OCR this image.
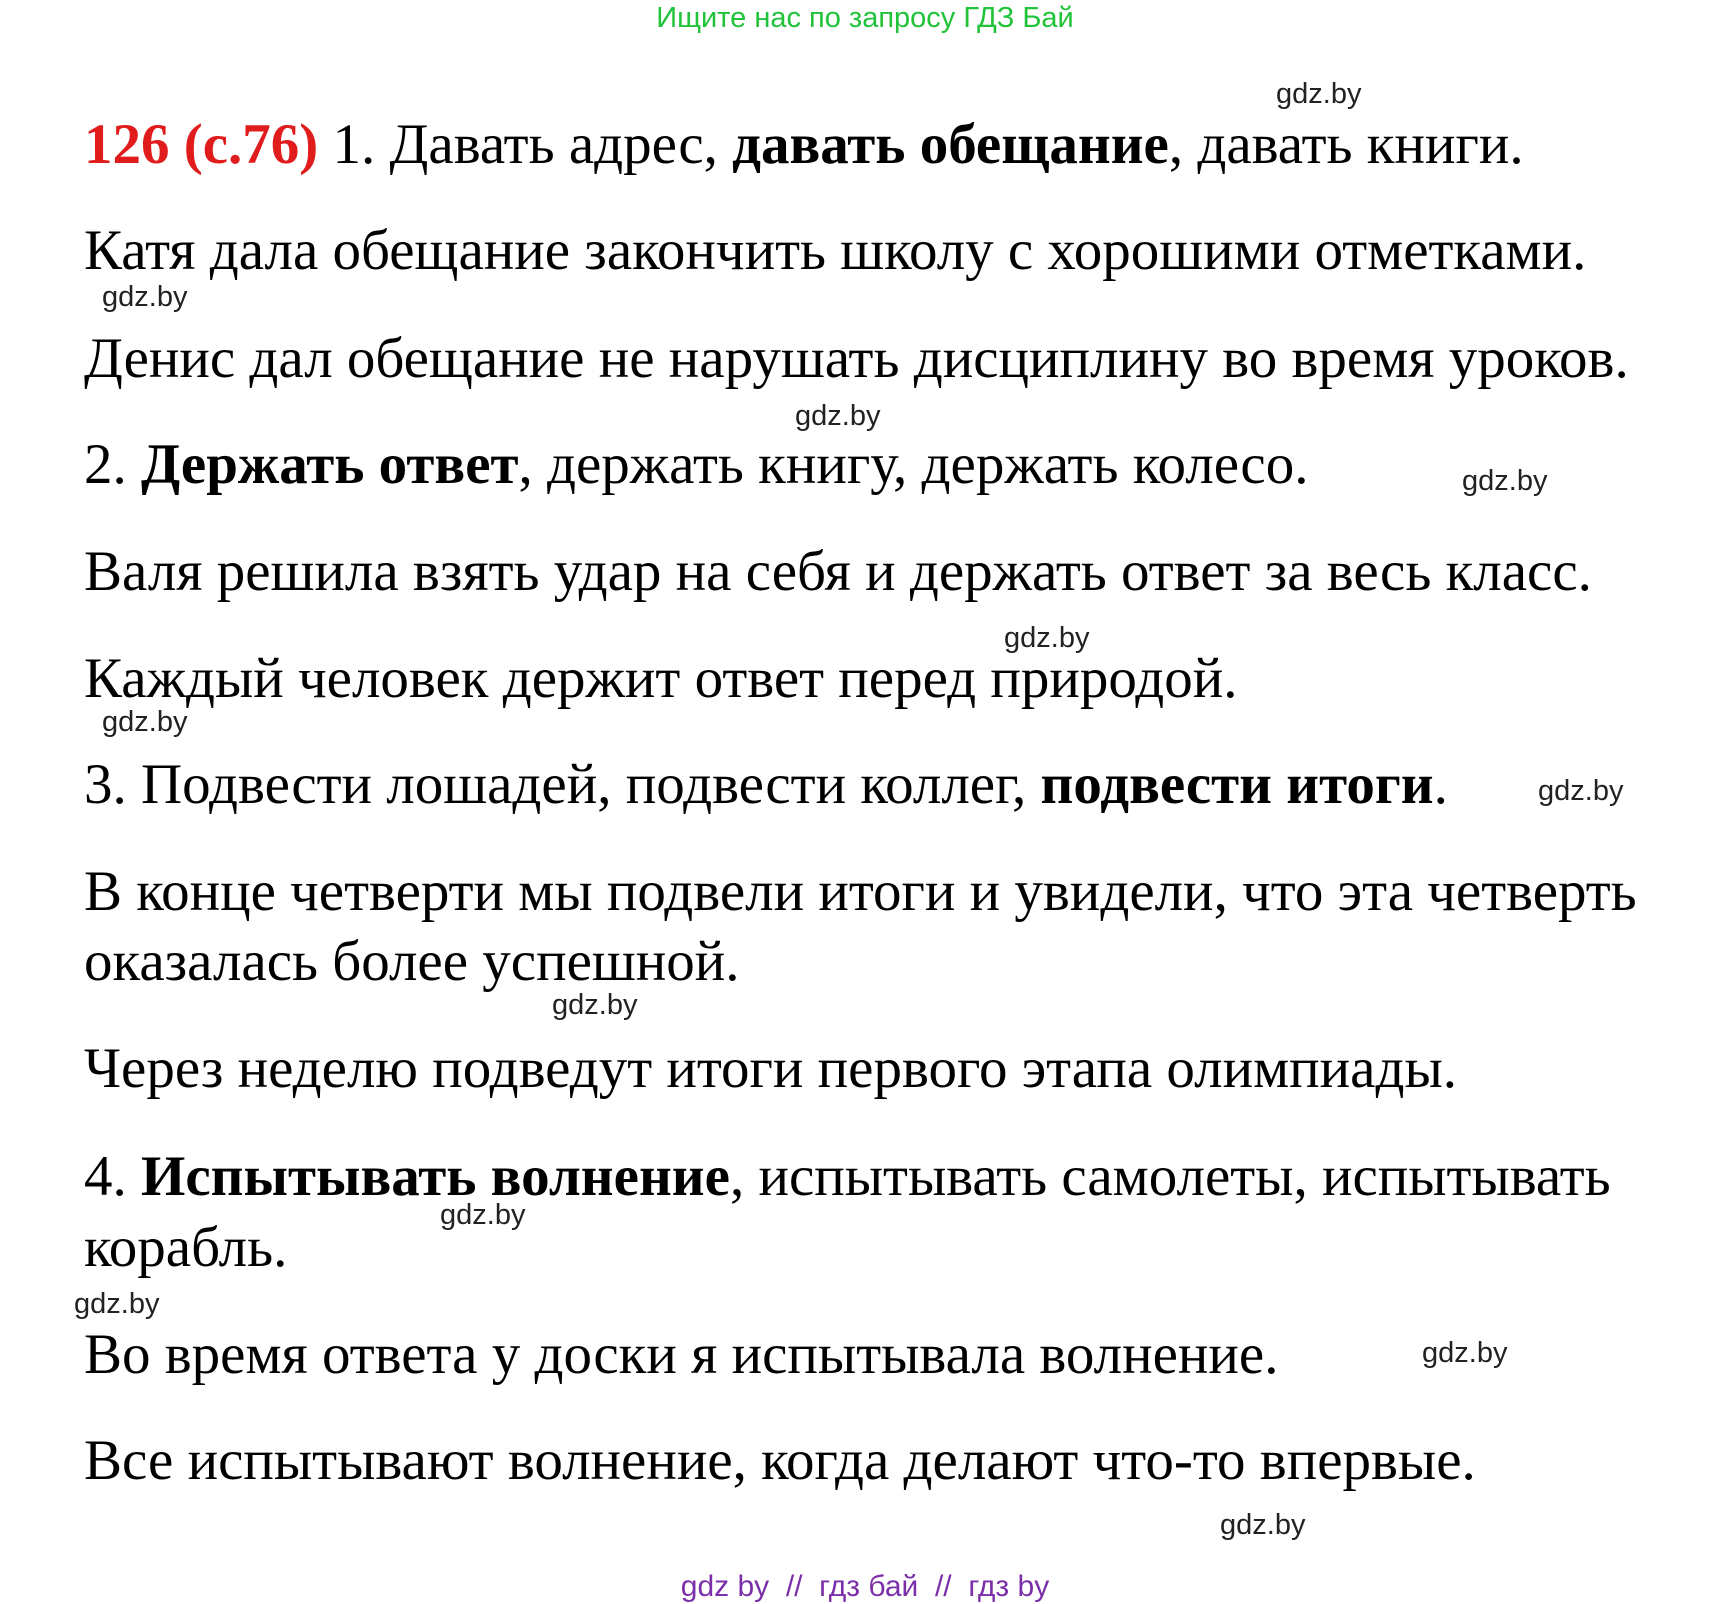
Ищите нас по запросу ГДЗ Бай
126 (с.76) 1. Давать адрес, давать обещание, давать книги.
Катя дала обещание закончить школу с хорошими отметками.
Денис дал обещание не нарушать дисциплину во время уроков.
2. Держать ответ, держать книгу, держать колесо.
Валя решила взять удар на себя и держать ответ за весь класс.
Каждый человек держит ответ перед природой.
3. Подвести лошадей, подвести коллег, подвести итоги.
В конце четверти мы подвели итоги и увидели, что эта четверть
оказалась более успешной.
Через неделю подведут итоги первого этапа олимпиады.
4. Испытывать волнение, испытывать самолеты, испытывать
корабль.
Во время ответа у доски я испытывала волнение.
Все испытывают волнение, когда делают что-то впервые.
gdz.by
gdz.by
gdz.by
gdz.by
gdz.by
gdz.by
gdz.by
gdz.by
gdz.by
gdz.by
gdz.by
gdz.by
gdz by  //  гдз бай  //  гдз by
